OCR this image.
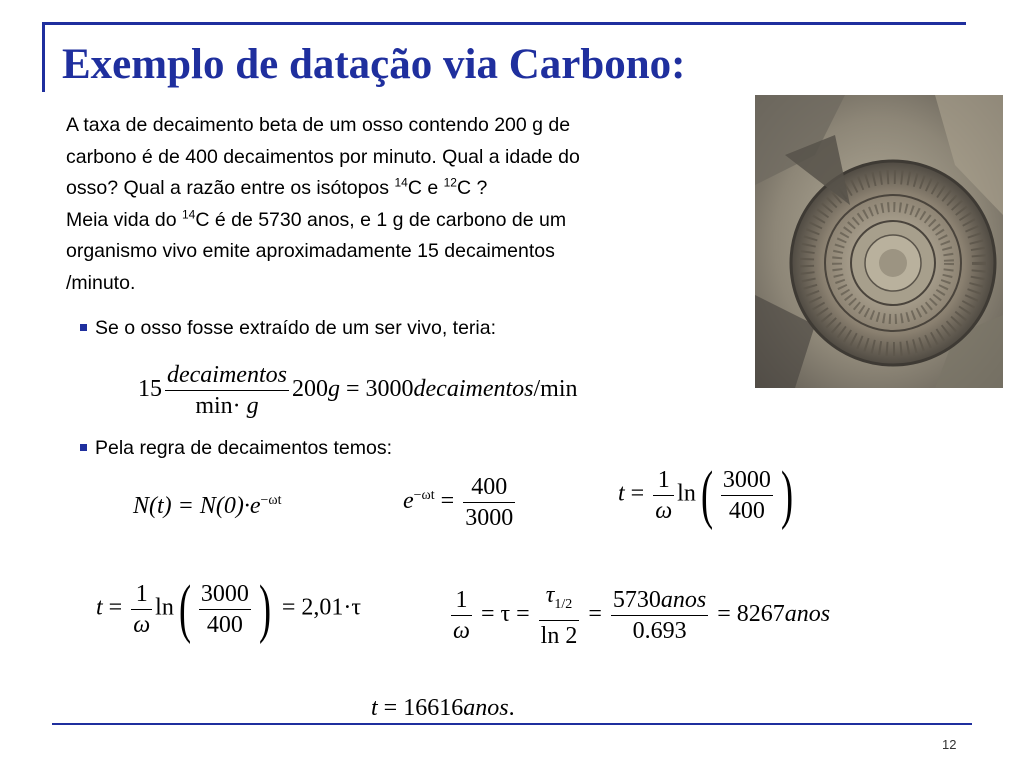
Exemplo de datação via Carbono:
A taxa de decaimento beta de um osso contendo 200 g de
carbono é de 400 decaimentos por minuto. Qual a idade do
osso? Qual a razão entre os isótopos $^{14}$C e $^{12}$C ?
Meia vida do $^{14}$C é de 5730 anos, e 1 g de carbono de um
organismo vivo emite aproximadamente 15 decaimentos
/minuto.
Se o osso fosse extraído de um ser vivo, teria:
$15 \frac{\text{decaimentos}}{\min\cdot g} 200g$ = 3000decaimentos/min
Pela regra de decaimentos temos:
$N(t) = N(0)\cdot e^{-\omega t}$	$e^{-\omega t} = \frac{400}{3000}$	$t = \frac{1}{\omega} \ln( \frac{3000}{400}$ )
$t = \frac{1}{\omega} \ln( \frac{3000}{400}$ ) = 2,01·τ	$\frac{1}{\omega} = \tau = \frac{\tau_{1/2}}{\ln 2} = \frac{\text{5730anos}}{0.693}$ = 8267anos
t = 16616anos.
12
